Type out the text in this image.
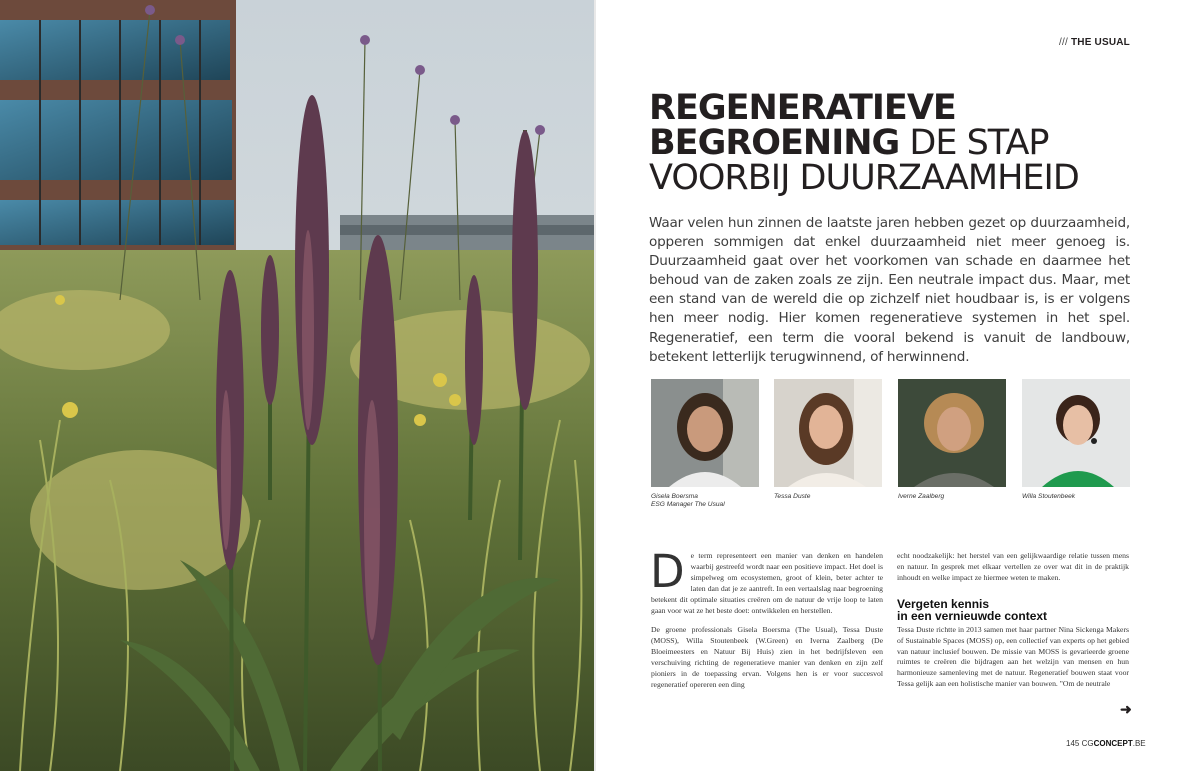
/// THE USUAL
REGENERATIEVE
BEGROENING DE STAP
VOORBIJ DUURZAAMHEID
Waar velen hun zinnen de laatste jaren hebben gezet op duurzaamheid, opperen sommigen dat enkel duurzaamheid niet meer genoeg is. Duurzaamheid gaat over het voorkomen van schade en daarmee het behoud van de zaken zoals ze zijn. Een neutrale impact dus. Maar, met een stand van de wereld die op zichzelf niet houdbaar is, is er volgens hen meer nodig. Hier komen regeneratieve systemen in het spel. Regeneratief, een term die vooral bekend is vanuit de landbouw, betekent letterlijk terugwinnend, of herwinnend.
Gisela Boersma
ESG Manager The Usual
Tessa Duste	Iverne Zaalberg	Willa Stoutenbeek

De term representeert een manier van denken en handelen waarbij gestreefd wordt naar een positieve impact. Het doel is simpelweg om ecosystemen, groot of klein, beter achter te laten dan dat je ze aantreft. In een vertaalslag naar begroening betekent dit optimale situaties creëren om de natuur de vrije loop te laten gaan voor wat ze het beste doet: ontwikkelen en herstellen.

De groene professionals Gisela Boersma (The Usual), Tessa Duste (MOSS), Willa Stoutenbeek (W.Green) en Iverna Zaalberg (De Bloeimeesters en Natuur Bij Huis) zien in het bedrijfsleven een verschuiving richting de regeneratieve manier van denken en zijn zelf pioniers in de toepassing ervan. Volgens hen is er voor succesvol regeneratief opereren een ding

echt noodzakelijk: het herstel van een gelijkwaardige relatie tussen mens en natuur. In gesprek met elkaar vertellen ze over wat dit in de praktijk inhoudt en welke impact ze hiermee weten te maken.

Vergeten kennis
in een vernieuwde context

Tessa Duste richtte in 2013 samen met haar partner Nina Sickenga Makers of Sustainable Spaces (MOSS) op, een collectief van experts op het gebied van natuur inclusief bouwen. De missie van MOSS is gevarieerde groene ruimtes te creëren die bijdragen aan het welzijn van mensen en hun harmonieuze samenleving met de natuur. Regeneratief bouwen staat voor Tessa gelijk aan een holistische manier van bouwen. "Om de neutrale

➜
145 CGCONCEPT.BE
